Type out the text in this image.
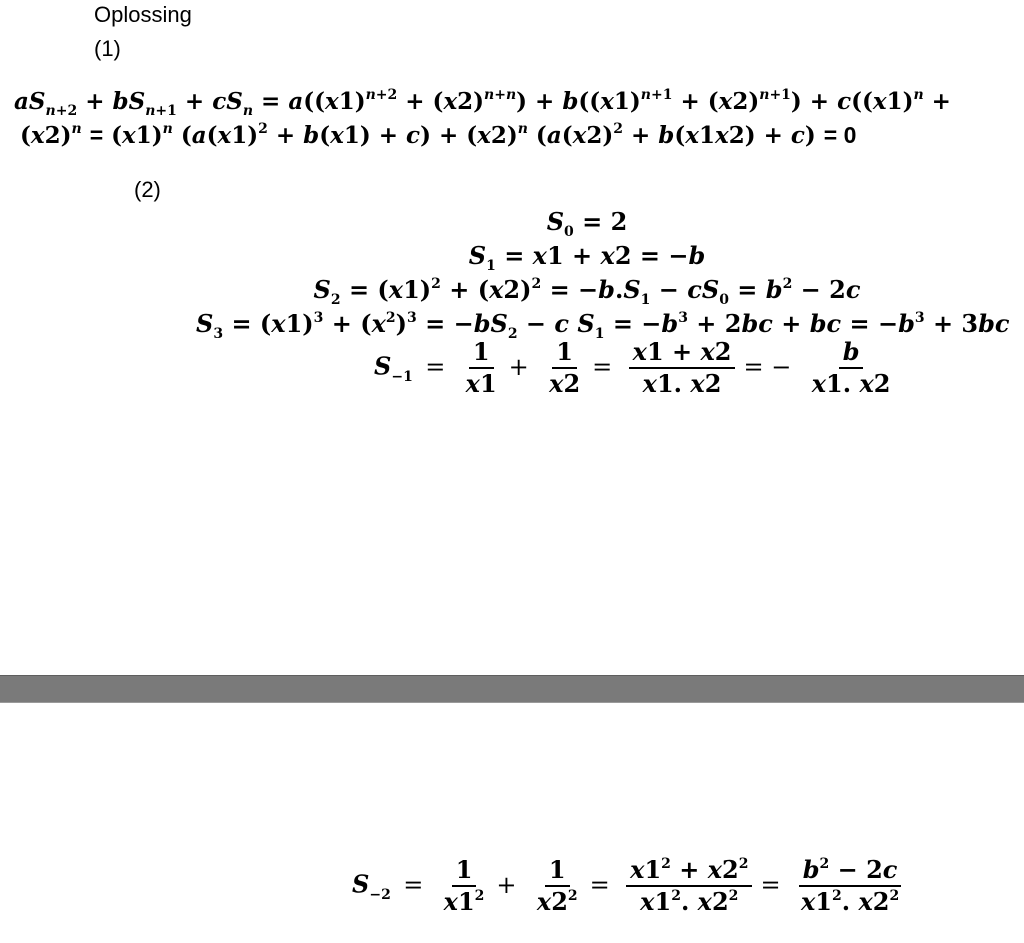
Oplossing
(1)
$aS_{n+2} + bS_{n+1} + cS_n = a((x1)^{n+2} + (x2)^{n+n}) + b((x1)^{n+1} + (x2)^{n+1}) + c((x1)^n$ +
$(x2)^n = (x1)^n$ $(a(x1)^2 + b(x1) + c) + (x2)^n$ $(a(x2)^2 + b(x1x2) + c) = 0$
(2)
$S_0 = 2$
$S_1 = x1 + x2 = -b$
$S_2 = (x1)^2 + (x2)^2 = -b.S_1 - cS_0 = b^2 - 2c$
$S_3 = (x1)^3 + (x^2)^3 = -bS_2 - c$ $S_1 = -b^3 + 2bc$ + bc = $-b^3 + 3bc$
$S_{-1} = \frac{1}{x1} + \frac{1}{x2} = \frac{x1 + x2}{x1. x2}$ = − $\frac{b}{x1. x2}$
$S_{-2} = \frac{1}{x1^2} + \frac{1}{x2^2} = \frac{x1^2 + x2^2}{x1^2. x2^2} = \frac{b^2 - 2c}{x1^2. x2^2}$
